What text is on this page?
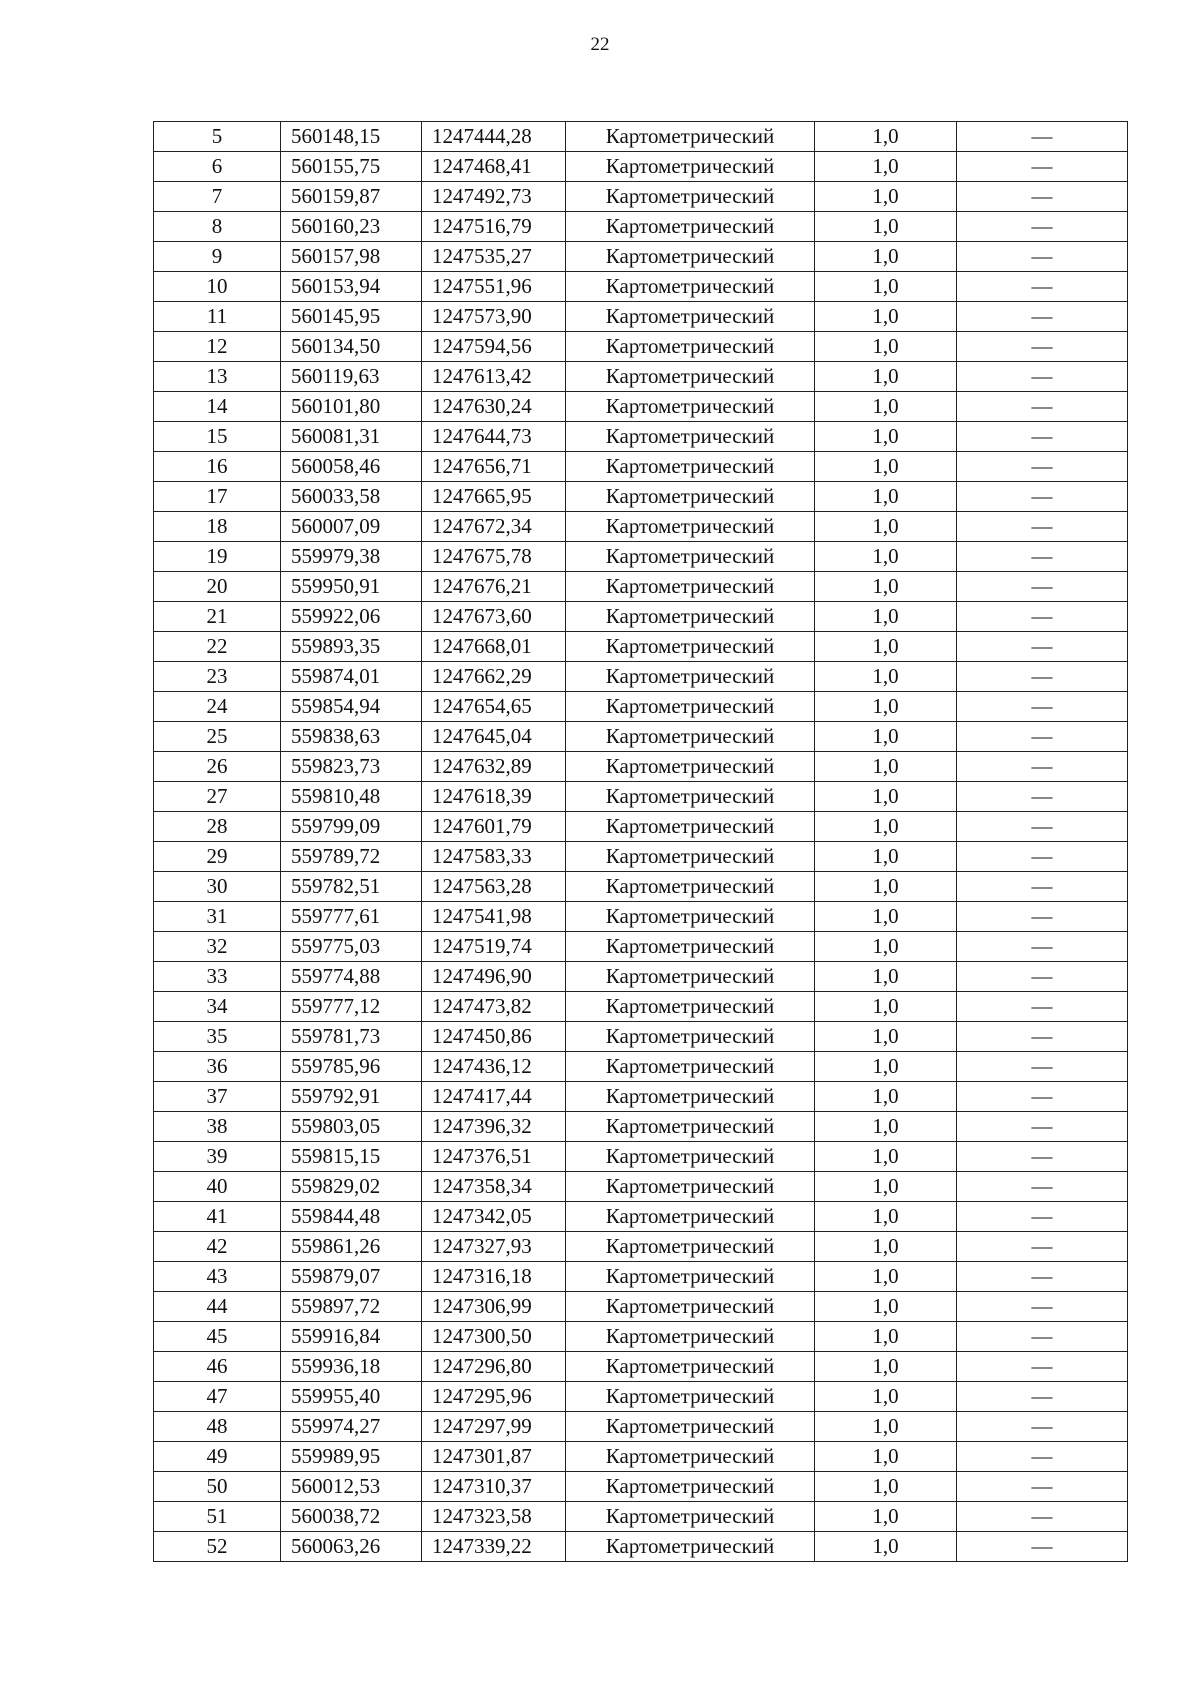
22
5	560148,15	1247444,28	Картометрический	1,0	—
6	560155,75	1247468,41	Картометрический	1,0	—
7	560159,87	1247492,73	Картометрический	1,0	—
8	560160,23	1247516,79	Картометрический	1,0	—
9	560157,98	1247535,27	Картометрический	1,0	—
10	560153,94	1247551,96	Картометрический	1,0	—
11	560145,95	1247573,90	Картометрический	1,0	—
12	560134,50	1247594,56	Картометрический	1,0	—
13	560119,63	1247613,42	Картометрический	1,0	—
14	560101,80	1247630,24	Картометрический	1,0	—
15	560081,31	1247644,73	Картометрический	1,0	—
16	560058,46	1247656,71	Картометрический	1,0	—
17	560033,58	1247665,95	Картометрический	1,0	—
18	560007,09	1247672,34	Картометрический	1,0	—
19	559979,38	1247675,78	Картометрический	1,0	—
20	559950,91	1247676,21	Картометрический	1,0	—
21	559922,06	1247673,60	Картометрический	1,0	—
22	559893,35	1247668,01	Картометрический	1,0	—
23	559874,01	1247662,29	Картометрический	1,0	—
24	559854,94	1247654,65	Картометрический	1,0	—
25	559838,63	1247645,04	Картометрический	1,0	—
26	559823,73	1247632,89	Картометрический	1,0	—
27	559810,48	1247618,39	Картометрический	1,0	—
28	559799,09	1247601,79	Картометрический	1,0	—
29	559789,72	1247583,33	Картометрический	1,0	—
30	559782,51	1247563,28	Картометрический	1,0	—
31	559777,61	1247541,98	Картометрический	1,0	—
32	559775,03	1247519,74	Картометрический	1,0	—
33	559774,88	1247496,90	Картометрический	1,0	—
34	559777,12	1247473,82	Картометрический	1,0	—
35	559781,73	1247450,86	Картометрический	1,0	—
36	559785,96	1247436,12	Картометрический	1,0	—
37	559792,91	1247417,44	Картометрический	1,0	—
38	559803,05	1247396,32	Картометрический	1,0	—
39	559815,15	1247376,51	Картометрический	1,0	—
40	559829,02	1247358,34	Картометрический	1,0	—
41	559844,48	1247342,05	Картометрический	1,0	—
42	559861,26	1247327,93	Картометрический	1,0	—
43	559879,07	1247316,18	Картометрический	1,0	—
44	559897,72	1247306,99	Картометрический	1,0	—
45	559916,84	1247300,50	Картометрический	1,0	—
46	559936,18	1247296,80	Картометрический	1,0	—
47	559955,40	1247295,96	Картометрический	1,0	—
48	559974,27	1247297,99	Картометрический	1,0	—
49	559989,95	1247301,87	Картометрический	1,0	—
50	560012,53	1247310,37	Картометрический	1,0	—
51	560038,72	1247323,58	Картометрический	1,0	—
52	560063,26	1247339,22	Картометрический	1,0	—
